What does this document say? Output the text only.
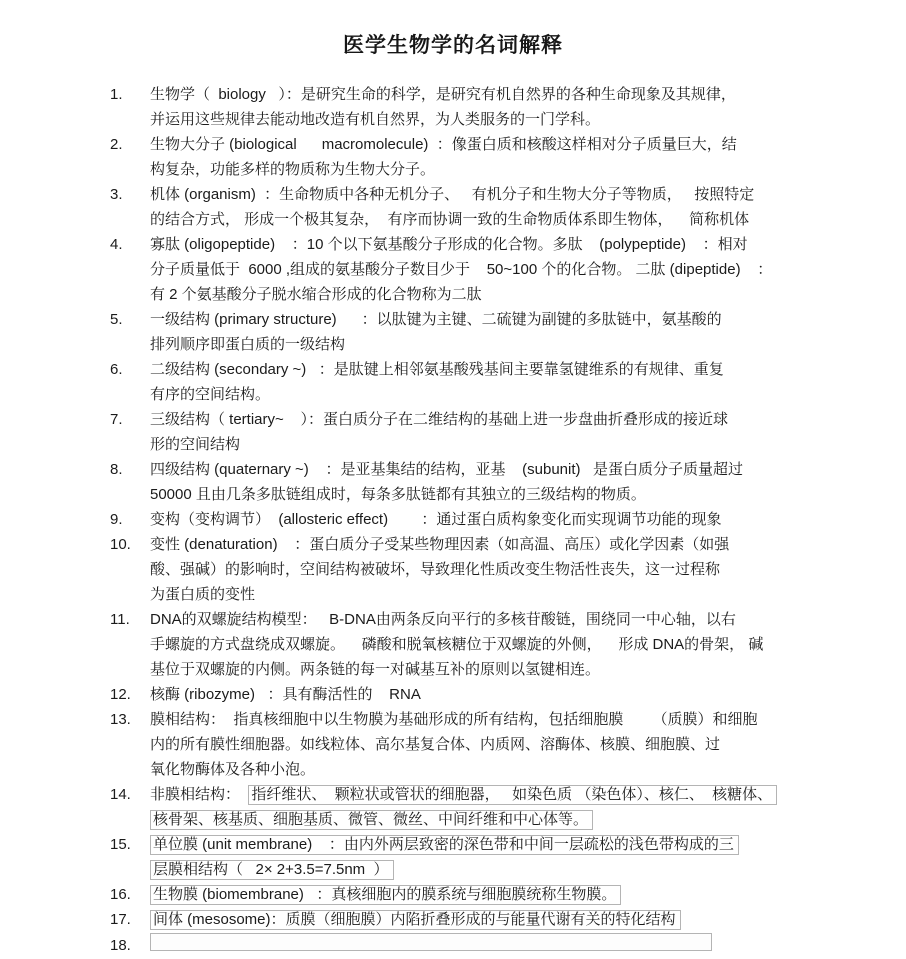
医学生物学的名词解释
1.	生物学（  biology   ）：是研究生命的科学，是研究有机自然界的各种生命现象及其规律，
并运用这些规律去能动地改造有机自然界，为人类服务的一门学科。
2.	生物大分子 (biological      macromolecule)  ：像蛋白质和核酸这样相对分子质量巨大，结
构复杂，功能多样的物质称为生物大分子。
3.	机体 (organism)  ：生命物质中各种无机分子、   有机分子和生物大分子等物质，   按照特定
的结合方式， 形成一个极其复杂，  有序而协调一致的生命物质体系即生物体，    简称机体
4.	寡肽 (oligopeptide)    ：10 个以下氨基酸分子形成的化合物。多肽    (polypeptide)    ：相对
分子质量低于  6000 ,组成的氨基酸分子数目少于    50~100 个的化合物。 二肽 (dipeptide)    ：
有 2 个氨基酸分子脱水缩合形成的化合物称为二肽
5.	一级结构 (primary structure)      ：以肽键为主键、二硫键为副键的多肽链中，氨基酸的
排列顺序即蛋白质的一级结构
6.	二级结构 (secondary ~)   ：是肽键上相邻氨基酸残基间主要靠氢键维系的有规律、重复
有序的空间结构。
7.	三级结构（ tertiary~    ）：蛋白质分子在二维结构的基础上进一步盘曲折叠形成的接近球
形的空间结构
8.	四级结构 (quaternary ~)    ：是亚基集结的结构，亚基    (subunit)   是蛋白质分子质量超过
50000 且由几条多肽链组成时，每条多肽链都有其独立的三级结构的物质。
9.	变构（变构调节）  (allosteric effect)        ：通过蛋白质构象变化而实现调节功能的现象
10.	变性 (denaturation)    ：蛋白质分子受某些物理因素（如高温、高压）或化学因素（如强
酸、强碱）的影响时，空间结构被破坏，导致理化性质改变生物活性丧失，这一过程称
为蛋白质的变性
11.	DNA的双螺旋结构模型：   B-DNA由两条反向平行的多核苷酸链，围绕同一中心轴，以右
手螺旋的方式盘绕成双螺旋。    磷酸和脱氧核糖位于双螺旋的外侧，    形成 DNA的骨架， 碱
基位于双螺旋的内侧。两条链的每一对碱基互补的原则以氢键相连。
12.	核酶 (ribozyme)   ：具有酶活性的    RNA
13.	膜相结构：  指真核细胞中以生物膜为基础形成的所有结构，包括细胞膜       （质膜）和细胞
内的所有膜性细胞器。如线粒体、高尔基复合体、内质网、溶酶体、核膜、细胞膜、过
氧化物酶体及各种小泡。
14.	非膜相结构：  指纤维状、  颗粒状或管状的细胞器，   如染色质 （染色体）、核仁、  核糖体、
核骨架、核基质、细胞基质、微管、微丝、中间纤维和中心体等。
15.	单位膜 (unit membrane)    ：由内外两层致密的深色带和中间一层疏松的浅色带构成的三
层膜相结构（   2× 2+3.5=7.5nm  ）
16.	生物膜 (biomembrane)   ：真核细胞内的膜系统与细胞膜统称生物膜。
17.	间体 (mesosome)：质膜（细胞膜）内陷折叠形成的与能量代谢有关的特化结构
18.
